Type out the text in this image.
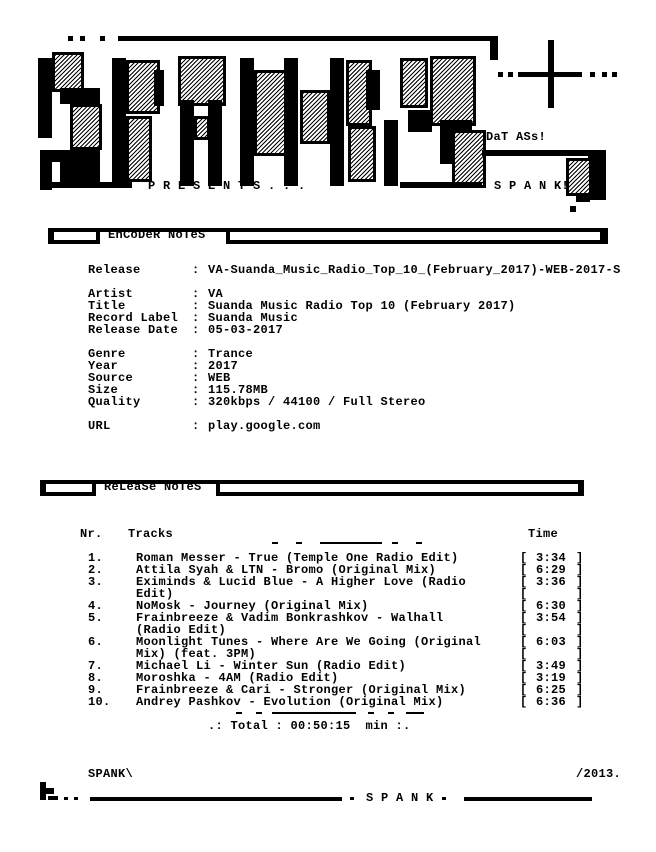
P R E S E N T S . . .
DaT ASs!
S P A N K!
EnCoDeR NoTeS
Release	: VA-Suanda_Music_Radio_Top_10_(February_2017)-WEB-2017-S
Artist	: VA
Title	: Suanda Music Radio Top 10 (February 2017)
Record Label : Suanda Music
Release Date : 05-03-2017
Genre	: Trance
Year	: 2017
Source	: WEB
Size	: 115.78MB
Quality	: 320kbps / 44100 / Full Stereo
URL	: play.google.com
ReLeaSe NoTeS
Nr. Tracks	Time
1.	Roman Messer - True (Temple One Radio Edit)	[ 3:34 ]
2.	Attila Syah & LTN - Bromo (Original Mix)	[ 6:29 ]
3.	Eximinds & Lucid Blue - A Higher Love (Radio	[ 3:36 ]
Edit)	[	]
4.	NoMosk - Journey (Original Mix)	[ 6:30 ]
5.	Frainbreeze & Vadim Bonkrashkov - Walhall	[ 3:54 ]
(Radio Edit)	[	]
6.	Moonlight Tunes - Where Are We Going (Original	[ 6:03 ]
Mix) (feat. 3PM)	[	]
7.	Michael Li - Winter Sun (Radio Edit)	[ 3:49 ]
8.	Moroshka - 4AM (Radio Edit)	[ 3:19 ]
9.	Frainbreeze & Cari - Stronger (Original Mix)	[ 6:25 ]
10. Andrey Pashkov - Evolution (Original Mix)	[ 6:36 ]
.: Total : 00:50:15  min :.
SPANK\	/2013.
S P A N K
